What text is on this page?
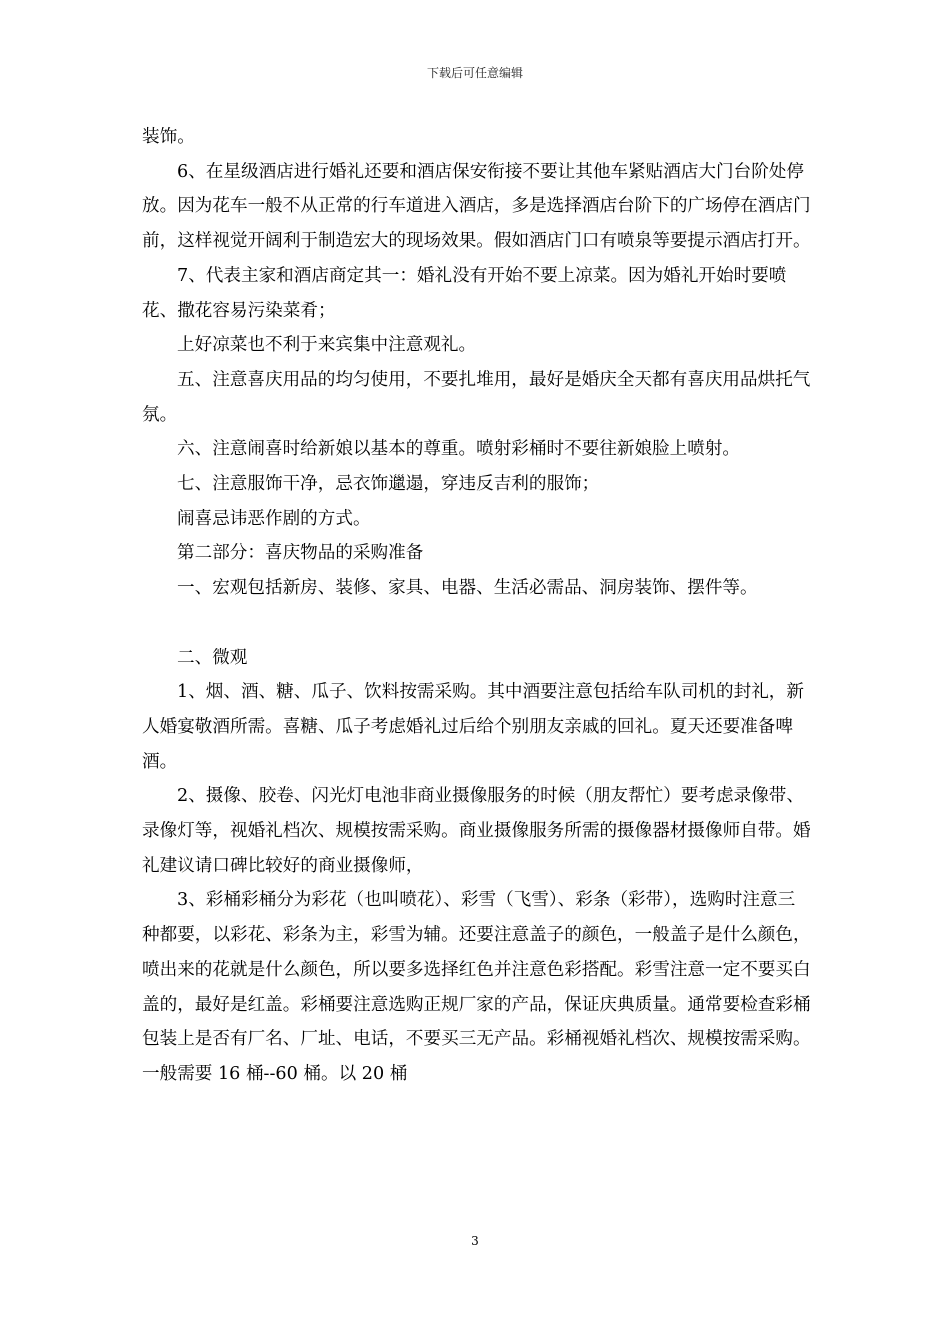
下载后可任意编辑

装饰。

6、在星级酒店进行婚礼还要和酒店保安衔接不要让其他车紧贴酒店大门台阶处停放。因为花车一般不从正常的行车道进入酒店，多是选择酒店台阶下的广场停在酒店门前，这样视觉开阔利于制造宏大的现场效果。假如酒店门口有喷泉等要提示酒店打开。

7、代表主家和酒店商定其一：婚礼没有开始不要上凉菜。因为婚礼开始时要喷花、撒花容易污染菜肴；

上好凉菜也不利于来宾集中注意观礼。

五、注意喜庆用品的均匀使用，不要扎堆用，最好是婚庆全天都有喜庆用品烘托气氛。

六、注意闹喜时给新娘以基本的尊重。喷射彩桶时不要往新娘脸上喷射。

七、注意服饰干净，忌衣饰邋遢，穿违反吉利的服饰；

闹喜忌讳恶作剧的方式。

第二部分：喜庆物品的采购准备

一、宏观包括新房、装修、家具、电器、生活必需品、洞房装饰、摆件等。

二、微观

1、烟、酒、糖、瓜子、饮料按需采购。其中酒要注意包括给车队司机的封礼，新人婚宴敬酒所需。喜糖、瓜子考虑婚礼过后给个别朋友亲戚的回礼。夏天还要准备啤酒。

2、摄像、胶卷、闪光灯电池非商业摄像服务的时候（朋友帮忙）要考虑录像带、录像灯等，视婚礼档次、规模按需采购。商业摄像服务所需的摄像器材摄像师自带。婚礼建议请口碑比较好的商业摄像师，

3、彩桶彩桶分为彩花（也叫喷花）、彩雪（飞雪）、彩条（彩带），选购时注意三种都要，以彩花、彩条为主，彩雪为辅。还要注意盖子的颜色，一般盖子是什么颜色，喷出来的花就是什么颜色，所以要多选择红色并注意色彩搭配。彩雪注意一定不要买白盖的，最好是红盖。彩桶要注意选购正规厂家的产品，保证庆典质量。通常要检查彩桶包装上是否有厂名、厂址、电话，不要买三无产品。彩桶视婚礼档次、规模按需采购。一般需要 16 桶--60 桶。以 20 桶

3
